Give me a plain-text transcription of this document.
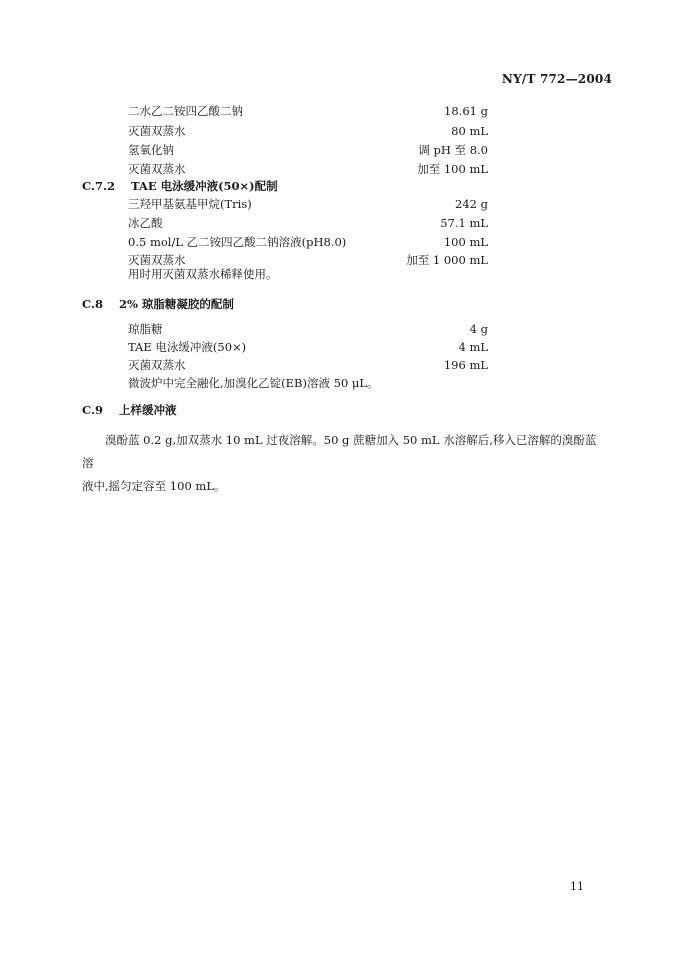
NY/T 772—2004
二水乙二铵四乙酸二钠	18.61 g
灭菌双蒸水	80 mL
氢氧化钠	调 pH 至 8.0
灭菌双蒸水	加至 100 mL
C.7.2 TAE 电泳缓冲液(50×)配制
三羟甲基氨基甲烷(Tris)	242 g
冰乙酸	57.1 mL
0.5 mol/L 乙二铵四乙酸二钠溶液(pH8.0)	100 mL
灭菌双蒸水	加至 1 000 mL
用时用灭菌双蒸水稀释使用。
C.8 2% 琼脂糖凝胶的配制
琼脂糖	4 g
TAE 电泳缓冲液(50×)	4 mL
灭菌双蒸水	196 mL
微波炉中完全融化,加溴化乙锭(EB)溶液 50 μL。
C.9 上样缓冲液
溴酚蓝 0.2 g,加双蒸水 10 mL 过夜溶解。50 g 蔗糖加入 50 mL 水溶解后,移入已溶解的溴酚蓝溶
液中,摇匀定容至 100 mL。
11
